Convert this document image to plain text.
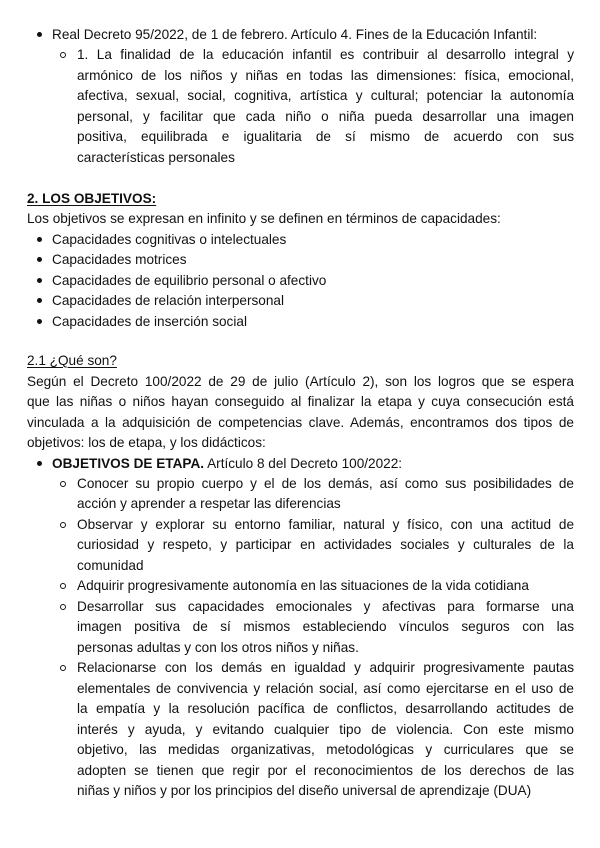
Real Decreto 95/2022, de 1 de febrero. Artículo 4. Fines de la Educación Infantil:
1. La finalidad de la educación infantil es contribuir al desarrollo integral y
armónico de los niños y niñas en todas las dimensiones: física, emocional,
afectiva, sexual, social, cognitiva, artística y cultural; potenciar la autonomía
personal, y facilitar que cada niño o niña pueda desarrollar una imagen
positiva, equilibrada e igualitaria de sí mismo de acuerdo con sus
características personales
2. LOS OBJETIVOS:
Los objetivos se expresan en infinito y se definen en términos de capacidades:
Capacidades cognitivas o intelectuales
Capacidades motrices
Capacidades de equilibrio personal o afectivo
Capacidades de relación interpersonal
Capacidades de inserción social
2.1 ¿Qué son?
Según el Decreto 100/2022 de 29 de julio (Artículo 2), son los logros que se espera
que las niñas o niños hayan conseguido al finalizar la etapa y cuya consecución está
vinculada a la adquisición de competencias clave. Además, encontramos dos tipos de
objetivos: los de etapa, y los didácticos:
OBJETIVOS DE ETAPA. Artículo 8 del Decreto 100/2022:
Conocer su propio cuerpo y el de los demás, así como sus posibilidades de
acción y aprender a respetar las diferencias
Observar y explorar su entorno familiar, natural y físico, con una actitud de
curiosidad y respeto, y participar en actividades sociales y culturales de la
comunidad
Adquirir progresivamente autonomía en las situaciones de la vida cotidiana
Desarrollar sus capacidades emocionales y afectivas para formarse una
imagen positiva de sí mismos estableciendo vínculos seguros con las
personas adultas y con los otros niños y niñas.
Relacionarse con los demás en igualdad y adquirir progresivamente pautas
elementales de convivencia y relación social, así como ejercitarse en el uso de
la empatía y la resolución pacífica de conflictos, desarrollando actitudes de
interés y ayuda, y evitando cualquier tipo de violencia. Con este mismo
objetivo, las medidas organizativas, metodológicas y curriculares que se
adopten se tienen que regir por el reconocimientos de los derechos de las
niñas y niños y por los principios del diseño universal de aprendizaje (DUA)
